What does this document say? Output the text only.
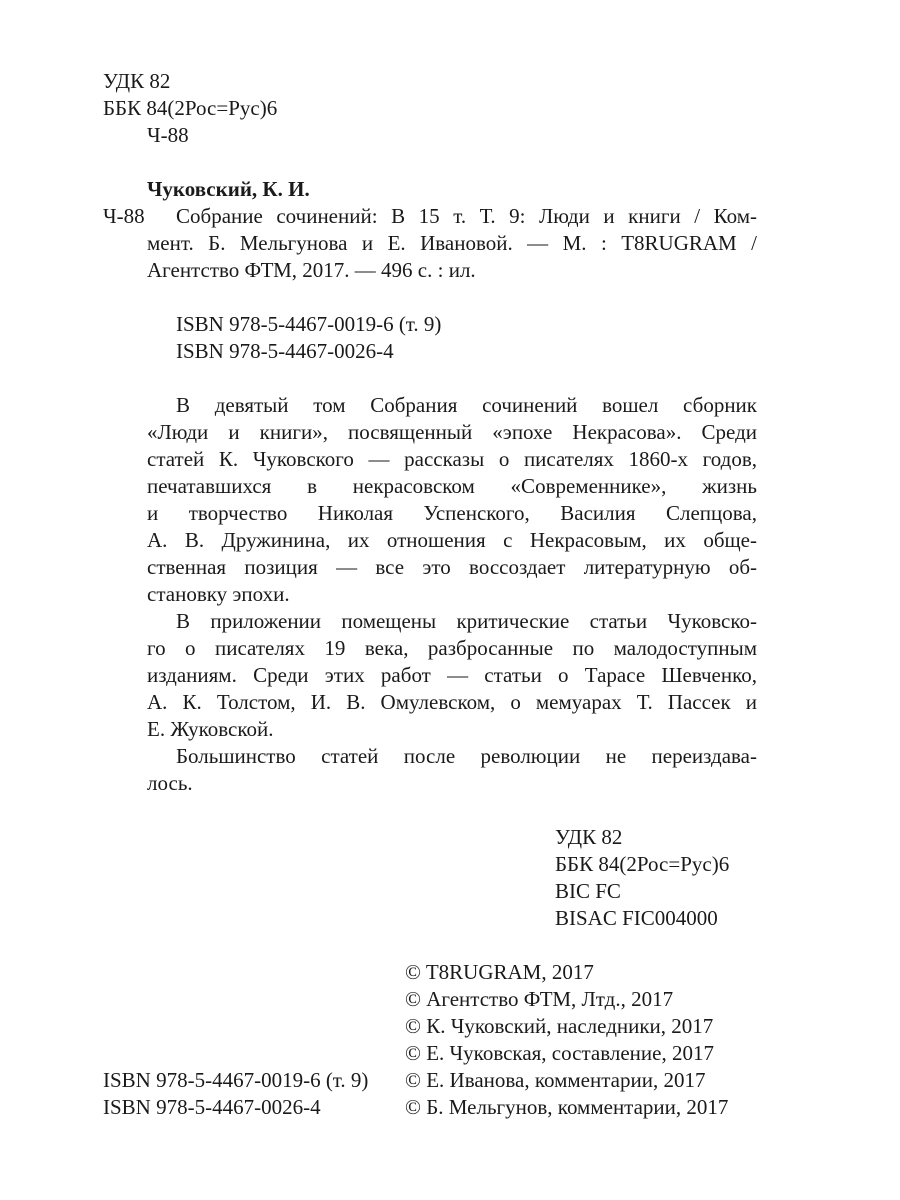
УДК 82
ББК 84(2Рос=Рус)6
Ч-88
Чуковский, К. И.
Ч-88 Собрание сочинений: В 15 т. Т. 9: Люди и книги / Ком-
мент. Б. Мельгунова и Е. Ивановой. — М. : T8RUGRAM /
Агентство ФТМ, 2017. — 496 с. : ил.
ISBN 978-5-4467-0019-6 (т. 9)
ISBN 978-5-4467-0026-4
В девятый том Собрания сочинений вошел сборник
«Люди и книги», посвященный «эпохе Некрасова». Среди
статей К. Чуковского — рассказы о писателях 1860-х годов,
печатавшихся в некрасовском «Современнике», жизнь
и творчество Николая Успенского, Василия Слепцова,
А. В. Дружинина, их отношения с Некрасовым, их обще-
ственная позиция — все это воссоздает литературную об-
становку эпохи.
В приложении помещены критические статьи Чуковско-
го о писателях 19 века, разбросанные по малодоступным
изданиям. Среди этих работ — статьи о Тарасе Шевченко,
А. К. Толстом, И. В. Омулевском, о мемуарах Т. Пассек и
Е. Жуковской.
Большинство статей после революции не переиздава-
лось.
УДК 82
ББК 84(2Рос=Рус)6
BIC FC
BISAC FIC004000
© T8RUGRAM, 2017
© Агентство ФТМ, Лтд., 2017
© К. Чуковский, наследники, 2017
© Е. Чуковская, составление, 2017
© Е. Иванова, комментарии, 2017
© Б. Мельгунов, комментарии, 2017
ISBN 978-5-4467-0019-6 (т. 9)
ISBN 978-5-4467-0026-4
